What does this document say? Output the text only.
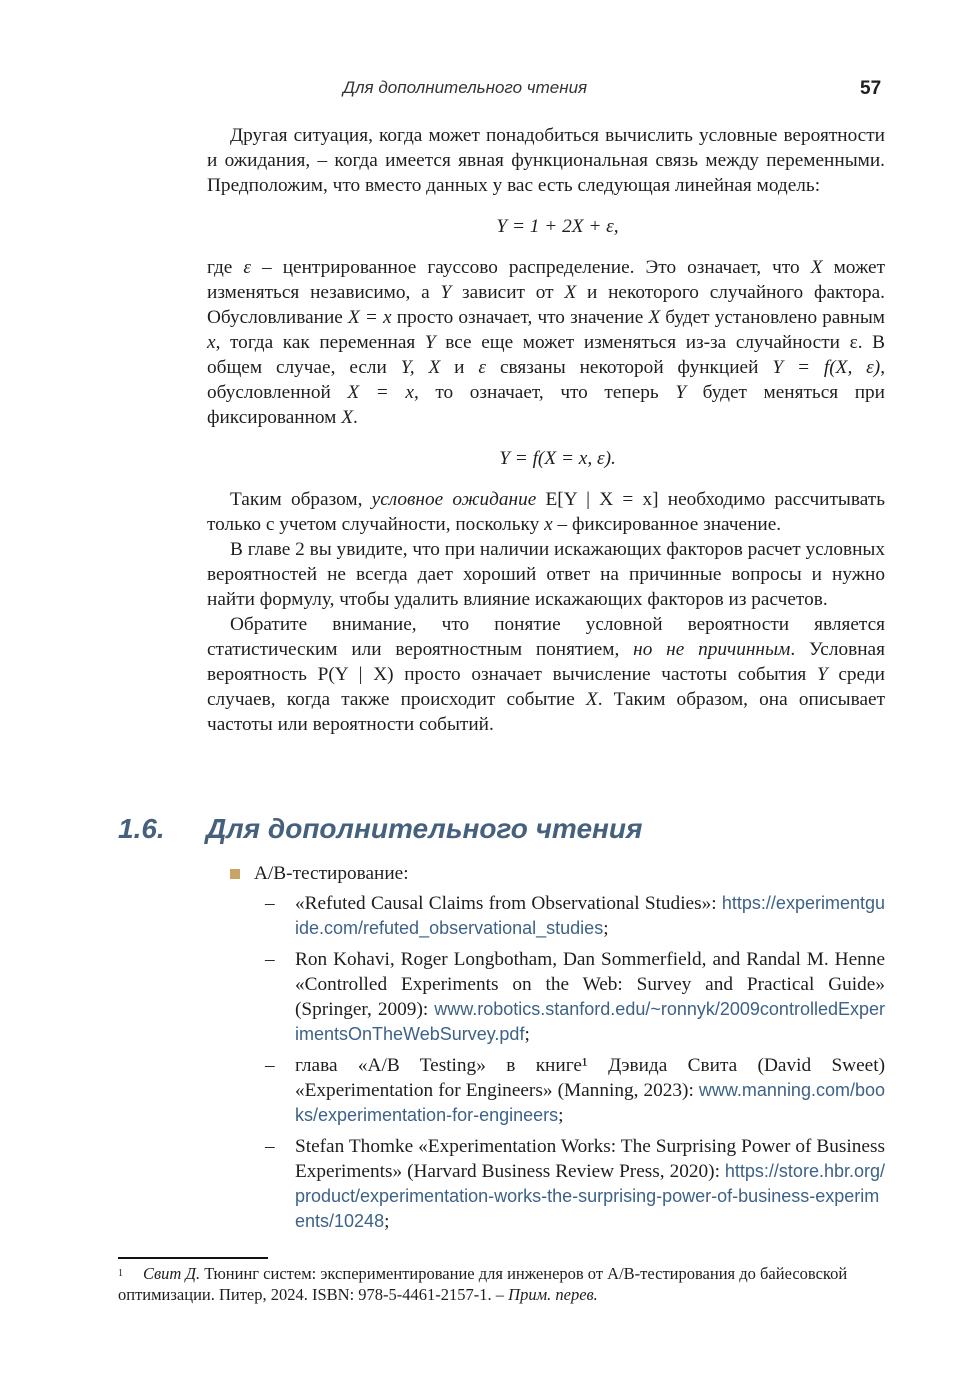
Для дополнительного чтения	57

Другая ситуация, когда может понадобиться вычислить условные вероятности и ожидания, – когда имеется явная функциональная связь между переменными. Предположим, что вместо данных у вас есть следующая линейная модель:

Y = 1 + 2X + ε,

где ε – центрированное гауссово распределение. Это означает, что X может изменяться независимо, а Y зависит от X и некоторого случайного фактора. Обусловливание X = x просто означает, что значение X будет установлено равным x, тогда как переменная Y все еще может изменяться из-за случайности ε. В общем случае, если Y, X и ε связаны некоторой функцией Y = f(X, ε), обусловленной X = x, то означает, что теперь Y будет меняться при фиксированном X.

Y = f(X = x, ε).

Таким образом, условное ожидание E[Y | X = x] необходимо рассчитывать только с учетом случайности, поскольку x – фиксированное значение.

В главе 2 вы увидите, что при наличии искажающих факторов расчет условных вероятностей не всегда дает хороший ответ на причинные вопросы и нужно найти формулу, чтобы удалить влияние искажающих факторов из расчетов.

Обратите внимание, что понятие условной вероятности является статистическим или вероятностным понятием, но не причинным. Условная вероятность P(Y | X) просто означает вычисление частоты события Y среди случаев, когда также происходит событие X. Таким образом, она описывает частоты или вероятности событий.

1.6. Для дополнительного чтения
A/B-тестирование:
–	«Refuted Causal Claims from Observational Studies»: https://experimentguide.com/refuted_observational_studies;
–	Ron Kohavi, Roger Longbotham, Dan Sommerfield, and Randal M. Henne «Controlled Experiments on the Web: Survey and Practical Guide» (Springer, 2009): www.robotics.stanford.edu/~ronnyk/2009controlledExperimentsOnTheWebSurvey.pdf;
–	глава «A/B Testing» в книге¹ Дэвида Свита (David Sweet) «Experimentation for Engineers» (Manning, 2023): www.manning.com/books/experimentation-for-engineers;
–	Stefan Thomke «Experimentation Works: The Surprising Power of Business Experiments» (Harvard Business Review Press, 2020): https://store.hbr.org/product/experimentation-works-the-surprising-power-of-business-experiments/10248;
$^1$ Свит Д. Тюнинг систем: экспериментирование для инженеров от A/B-тестирования до байесовской оптимизации. Питер, 2024. ISBN: 978-5-4461-2157-1. – Прим. перев.
